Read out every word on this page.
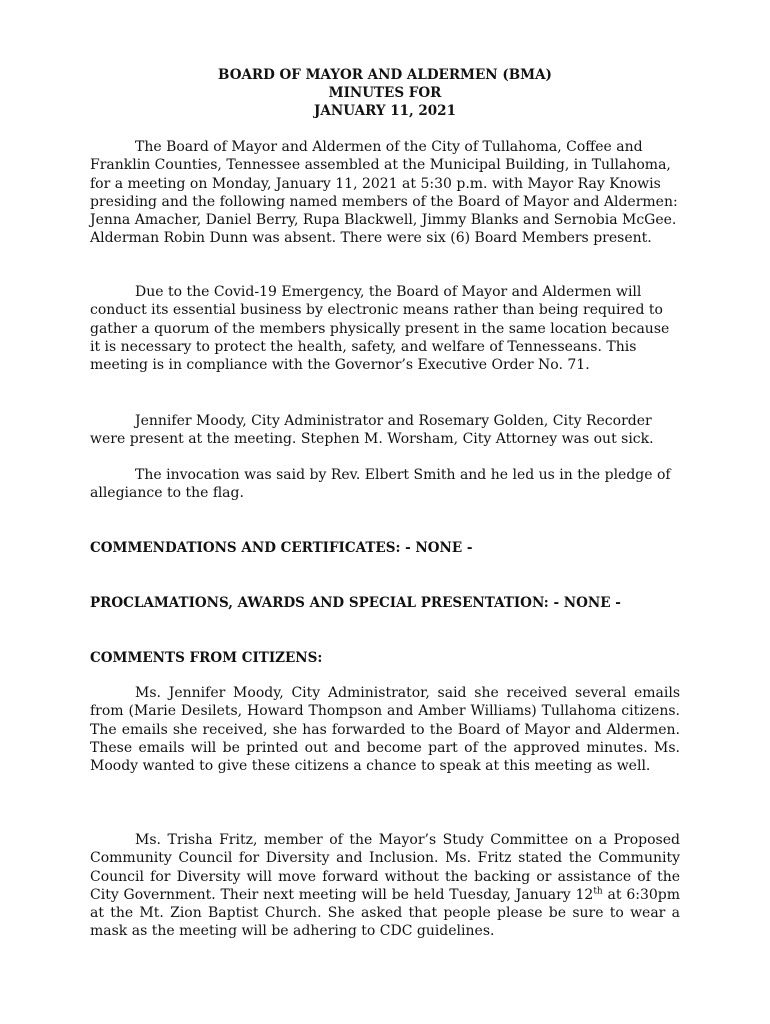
BOARD OF MAYOR AND ALDERMEN (BMA)
MINUTES FOR
JANUARY 11, 2021

The Board of Mayor and Aldermen of the City of Tullahoma, Coffee and Franklin Counties, Tennessee assembled at the Municipal Building, in Tullahoma, for a meeting on Monday, January 11, 2021 at 5:30 p.m. with Mayor Ray Knowis presiding and the following named members of the Board of Mayor and Aldermen: Jenna Amacher, Daniel Berry, Rupa Blackwell, Jimmy Blanks and Sernobia McGee. Alderman Robin Dunn was absent. There were six (6) Board Members present.

Due to the Covid-19 Emergency, the Board of Mayor and Aldermen will conduct its essential business by electronic means rather than being required to gather a quorum of the members physically present in the same location because it is necessary to protect the health, safety, and welfare of Tennesseans. This meeting is in compliance with the Governor’s Executive Order No. 71.

Jennifer Moody, City Administrator and Rosemary Golden, City Recorder were present at the meeting. Stephen M. Worsham, City Attorney was out sick.

The invocation was said by Rev. Elbert Smith and he led us in the pledge of allegiance to the flag.

COMMENDATIONS AND CERTIFICATES: - NONE -
PROCLAMATIONS, AWARDS AND SPECIAL PRESENTATION: - NONE -
COMMENTS FROM CITIZENS:

Ms. Jennifer Moody, City Administrator, said she received several emails from (Marie Desilets, Howard Thompson and Amber Williams) Tullahoma citizens. The emails she received, she has forwarded to the Board of Mayor and Aldermen. These emails will be printed out and become part of the approved minutes. Ms. Moody wanted to give these citizens a chance to speak at this meeting as well.

Ms. Trisha Fritz, member of the Mayor’s Study Committee on a Proposed Community Council for Diversity and Inclusion. Ms. Fritz stated the Community Council for Diversity will move forward without the backing or assistance of the City Government. Their next meeting will be held Tuesday, January 12th at 6:30pm at the Mt. Zion Baptist Church. She asked that people please be sure to wear a mask as the meeting will be adhering to CDC guidelines.
